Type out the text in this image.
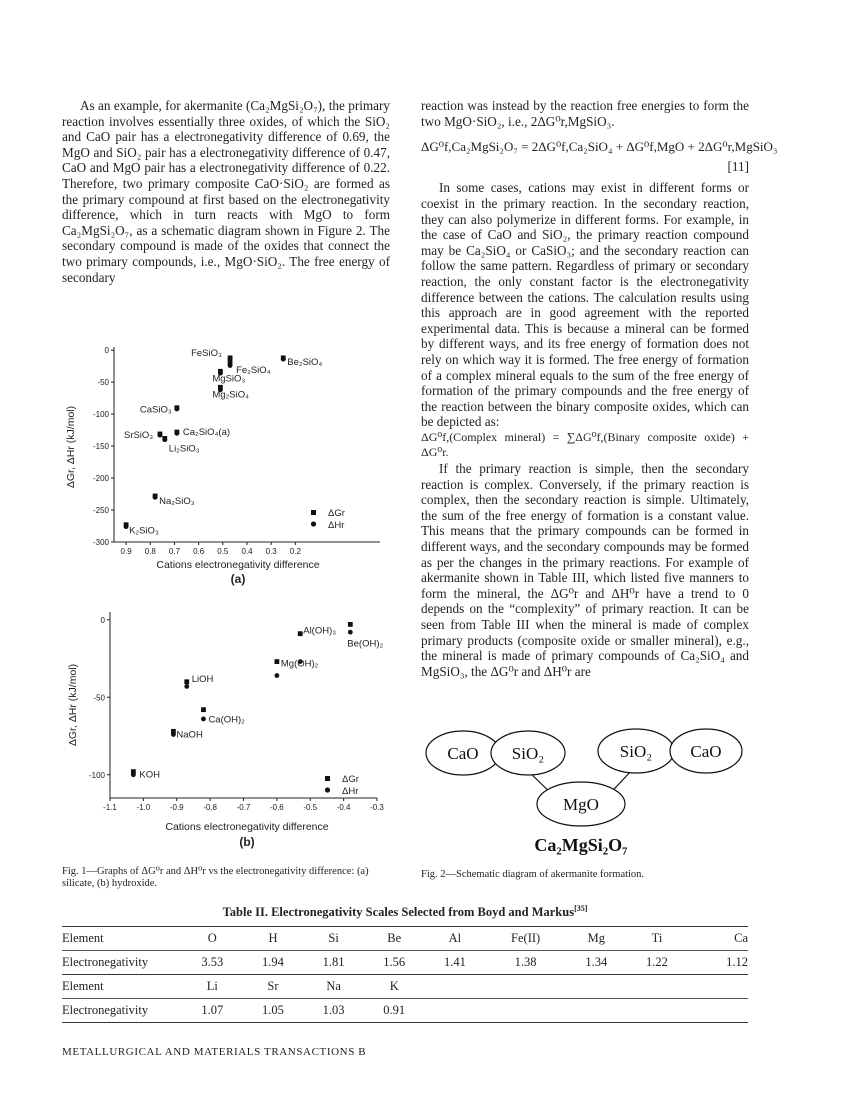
As an example, for akermanite (Ca₂MgSi₂O₇), the primary reaction involves essentially three oxides, of which the SiO₂ and CaO pair has a electronegativity difference of 0.69, the MgO and SiO₂ pair has a electronegativity difference of 0.47, CaO and MgO pair has a electronegativity difference of 0.22. Therefore, two primary composite CaO·SiO₂ are formed as the primary compound at first based on the electronegativity difference, which in turn reacts with MgO to form Ca₂MgSi₂O₇, as a schematic diagram shown in Figure 2. The secondary compound is made of the oxides that connect the two primary compounds, i.e., MgO·SiO₂. The free energy of secondary

reaction was instead by the reaction free energies to form the two MgO·SiO₂, i.e., 2ΔG⁰r,MgSiO₃.

ΔG⁰f,Ca₂MgSi₂O₇ = 2ΔG⁰f,Ca₂SiO₄ + ΔG⁰f,MgO + 2ΔG⁰r,MgSiO₃
[11]

In some cases, cations may exist in different forms or coexist in the primary reaction. In the secondary reaction, they can also polymerize in different forms. For example, in the case of CaO and SiO₂, the primary reaction compound may be Ca₂SiO₄ or CaSiO₃; and the secondary reaction can follow the same pattern. Regardless of primary or secondary reaction, the only constant factor is the electronegativity difference between the cations. The calculation results using this approach are in good agreement with the reported experimental data. This is because a mineral can be formed by different ways, and its free energy of formation does not rely on which way it is formed. The free energy of formation of a complex mineral equals to the sum of the free energy of formation of the primary compounds and the free energy of the reaction between the binary composite oxides, which can be depicted as:

ΔG⁰f,(Complex mineral) = ∑ΔG⁰f,(Binary composite oxide) + ΔG⁰r.

If the primary reaction is simple, then the secondary reaction is complex. Conversely, if the primary reaction is complex, then the secondary reaction is simple. Ultimately, the sum of the free energy of formation is a constant value. This means that the primary compounds can be formed in different ways, and the secondary compounds may be formed as per the changes in the primary reactions. For example of akermanite shown in Table III, which listed five manners to form the mineral, the ΔG⁰r and ΔH⁰r have a trend to 0 depends on the “complexity” of primary reaction. It can be seen from Table III when the mineral is made of complex primary products (composite oxide or smaller mineral), e.g., the mineral is made of primary compounds of Ca₂SiO₄ and MgSiO₃, the ΔG⁰r and ΔH⁰r are

0.9 0.8 0.7 0.6 0.5 0.4 0.3 0.2
0
-50
-100
-150
-200
-250
-300
FeSiO₃
Fe₂SiO₄
Be₂SiO₄
MgSiO₃
Mg₂SiO₄
CaSiO₃
Ca₂SiO₄(a)
SrSiO₃
Li₂SiO₃
Na₂SiO₃
K₂SiO₃
Cations electronegativity difference
(a)
ΔGr, ΔHr (kJ/mol)
ΔGr
ΔHr
-1.1 -1.0 -0.9 -0.8 -0.7 -0.6 -0.5 -0.4 -0.3
0
-50
-100
Be(OH)₂
Al(OH)₃
Mg(OH)₂
LiOH
Ca(OH)₂
NaOH
KOH
Cations electronegativity difference
(b)
ΔGr, ΔHr (kJ/mol)
ΔGr
ΔHr
Fig. 1—Graphs of ΔG⁰r and ΔH⁰r vs the electronegativity difference: (a) silicate, (b) hydroxide.
CaO SiO₂	SiO₂ CaO
MgO
Ca₂MgSi₂O₇
Fig. 2—Schematic diagram of akermanite formation.
Table II. Electronegativity Scales Selected from Boyd and Markus[35]
Element	O	H	Si	Be	Al	Fe(II)	Mg	Ti	Ca
Electronegativity	3.53	1.94	1.81	1.56	1.41	1.38	1.34	1.22	1.12
Element	Li	Sr	Na	K					
Electronegativity	1.07	1.05	1.03	0.91					
METALLURGICAL AND MATERIALS TRANSACTIONS B
